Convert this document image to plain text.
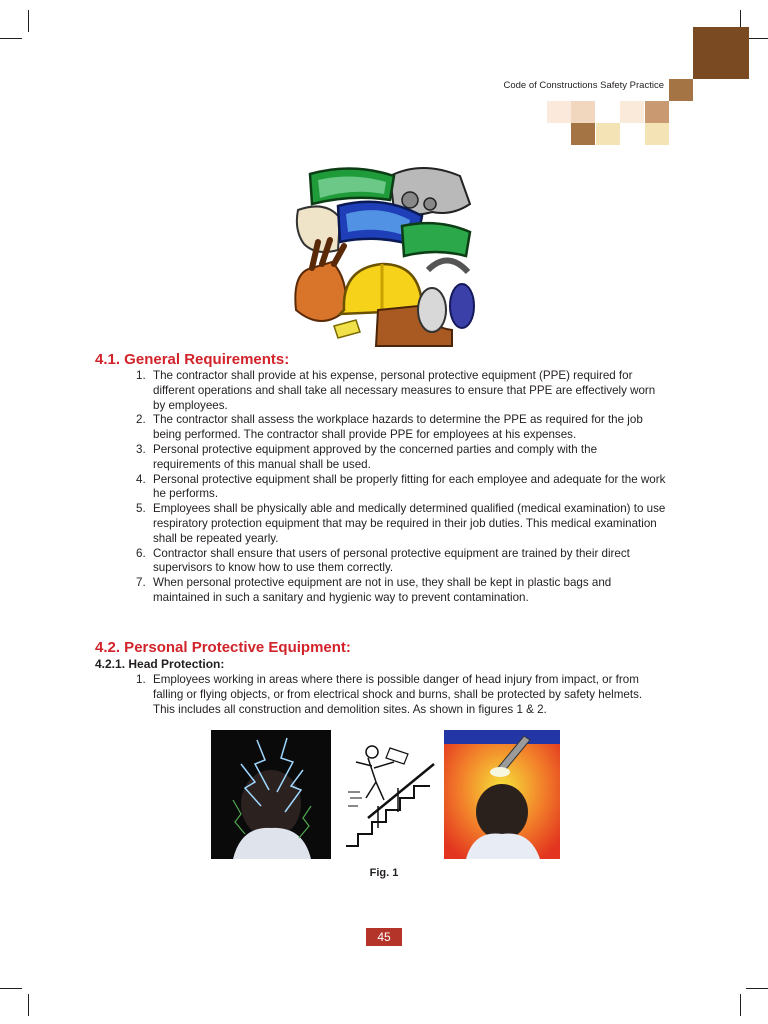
Code of Constructions Safety Practice
4.1. General Requirements:
1. The contractor shall provide at his expense, personal protective equipment (PPE) required for different operations and shall take all necessary measures to ensure that PPE are effectively worn by employees.
2. The contractor shall assess the workplace hazards to determine the PPE as required for the job being performed. The contractor shall provide PPE for employees at his expenses.
3. Personal protective equipment approved by the concerned parties and comply with the requirements of this manual shall be used.
4. Personal protective equipment shall be properly fitting for each employee and adequate for the work he performs.
5. Employees shall be physically able and medically determined qualified (medical examination) to use respiratory protection equipment that may be required in their job duties. This medical examination shall be repeated yearly.
6. Contractor shall ensure that users of personal protective equipment are trained by their direct supervisors to know how to use them correctly.
7. When personal protective equipment are not in use, they shall be kept in plastic bags and maintained in such a sanitary and hygienic way to prevent contamination.
4.2. Personal Protective Equipment:
4.2.1. Head Protection:
1. Employees working in areas where there is possible danger of head injury from impact, or from falling or flying objects, or from electrical shock and burns, shall be protected by safety helmets. This includes all construction and demolition sites. As shown in figures 1 & 2.
Fig. 1
45
